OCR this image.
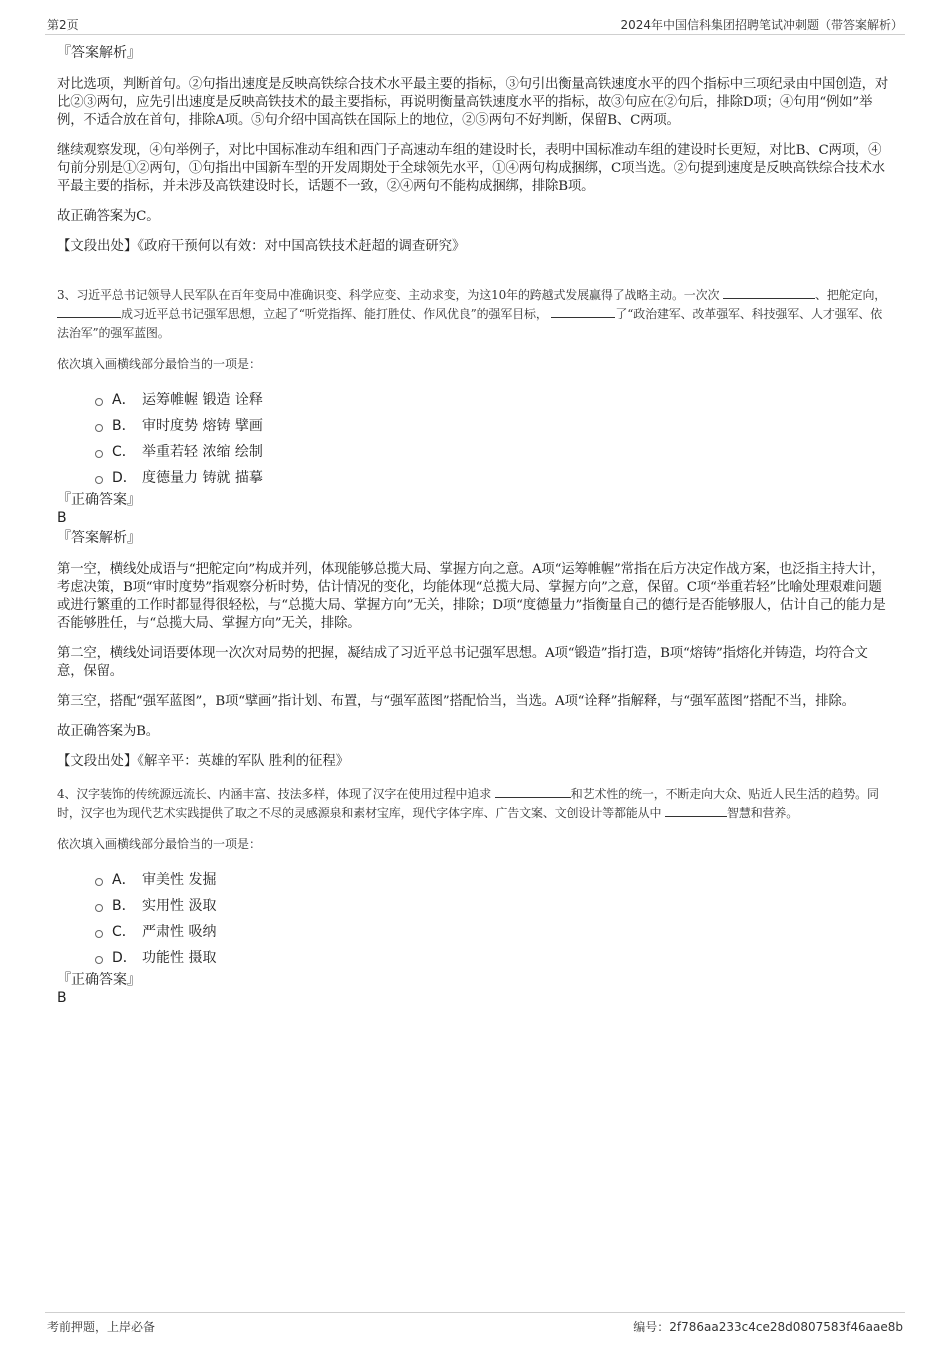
第2页	2024年中国信科集团招聘笔试冲刺题（带答案解析）
『答案解析』

对比选项，判断首句。②句指出速度是反映高铁综合技术水平最主要的指标，③句引出衡量高铁速度水平的四个指标中三项纪录由中国创造，对比②③两句，应先引出速度是反映高铁技术的最主要指标，再说明衡量高铁速度水平的指标，故③句应在②句后，排除D项；④句用“例如”举例，不适合放在首句，排除A项。⑤句介绍中国高铁在国际上的地位，②⑤两句不好判断，保留B、C两项。

继续观察发现，④句举例子，对比中国标准动车组和西门子高速动车组的建设时长，表明中国标准动车组的建设时长更短，对比B、C两项，④句前分别是①②两句，①句指出中国新车型的开发周期处于全球领先水平，①④两句构成捆绑，C项当选。②句提到速度是反映高铁综合技术水平最主要的指标，并未涉及高铁建设时长，话题不一致，②④两句不能构成捆绑，排除B项。

故正确答案为C。

【文段出处】《政府干预何以有效：对中国高铁技术赶超的调查研究》

3、习近平总书记领导人民军队在百年变局中准确识变、科学应变、主动求变，为这10年的跨越式发展赢得了战略主动。一次次	、把舵定向， 成习近平总书记强军思想，立起了“听党指挥、能打胜仗、作风优良”的强军目标，	了“政治建军、改革强军、科技强军、人才强军、依法治军”的强军蓝图。

依次填入画横线部分最恰当的一项是：

A． 运筹帷幄 锻造 诠释
B． 审时度势 熔铸 擘画
C． 举重若轻 浓缩 绘制
D． 度德量力 铸就 描摹
『正确答案』
B
『答案解析』

第一空，横线处成语与“把舵定向”构成并列，体现能够总揽大局、掌握方向之意。A项“运筹帷幄”常指在后方决定作战方案，也泛指主持大计，考虑决策，B项“审时度势”指观察分析时势，估计情况的变化，均能体现“总揽大局、掌握方向”之意，保留。C项“举重若轻”比喻处理艰难问题或进行繁重的工作时都显得很轻松，与“总揽大局、掌握方向”无关，排除；D项“度德量力”指衡量自己的德行是否能够服人，估计自己的能力是否能够胜任，与“总揽大局、掌握方向”无关，排除。

第二空，横线处词语要体现一次次对局势的把握，凝结成了习近平总书记强军思想。A项“锻造”指打造，B项“熔铸”指熔化并铸造，均符合文意，保留。

第三空，搭配“强军蓝图”，B项“擘画”指计划、布置，与“强军蓝图”搭配恰当，当选。A项“诠释”指解释，与“强军蓝图”搭配不当，排除。

故正确答案为B。

【文段出处】《解辛平：英雄的军队 胜利的征程》

4、汉字装饰的传统源远流长、内涵丰富、技法多样，体现了汉字在使用过程中追求	和艺术性的统一，不断走向大众、贴近人民生活的趋势。同时，汉字也为现代艺术实践提供了取之不尽的灵感源泉和素材宝库，现代字体字库、广告文案、文创设计等都能从中	智慧和营养。

依次填入画横线部分最恰当的一项是：

A． 审美性 发掘
B． 实用性 汲取
C． 严肃性 吸纳
D． 功能性 摄取
『正确答案』
B
考前押题，上岸必备	编号：2f786aa233c4ce28d0807583f46aae8b
